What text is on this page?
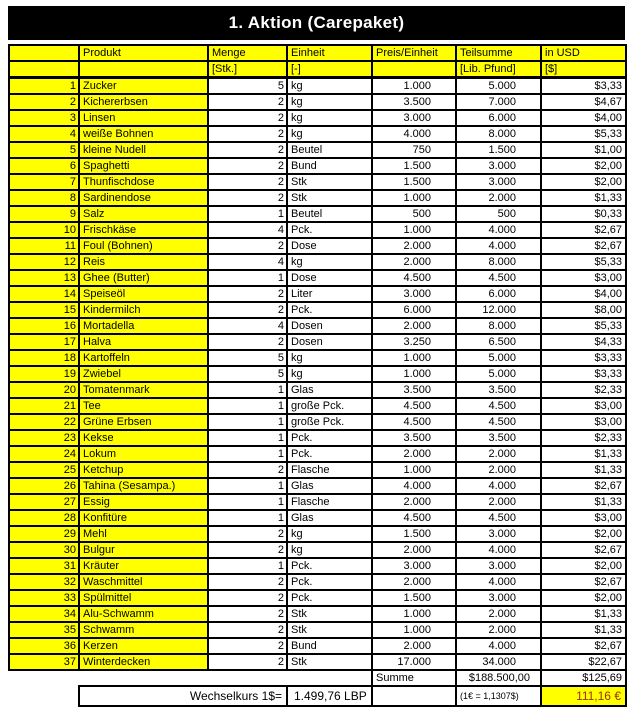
1. Aktion (Carepaket)
	Produkt	Menge	Einheit	Preis/Einheit	Teilsumme	in USD
		[Stk.]	[-]		[Lib. Pfund]	[$]
1	Zucker	5	kg	1.000	5.000	$3,33
2	Kichererbsen	2	kg	3.500	7.000	$4,67
3	Linsen	2	kg	3.000	6.000	$4,00
4	weiße Bohnen	2	kg	4.000	8.000	$5,33
5	kleine Nudell	2	Beutel	750	1.500	$1,00
6	Spaghetti	2	Bund	1.500	3.000	$2,00
7	Thunfischdose	2	Stk	1.500	3.000	$2,00
8	Sardinendose	2	Stk	1.000	2.000	$1,33
9	Salz	1	Beutel	500	500	$0,33
10	Frischkäse	4	Pck.	1.000	4.000	$2,67
11	Foul (Bohnen)	2	Dose	2.000	4.000	$2,67
12	Reis	4	kg	2.000	8.000	$5,33
13	Ghee (Butter)	1	Dose	4.500	4.500	$3,00
14	Speiseöl	2	Liter	3.000	6.000	$4,00
15	Kindermilch	2	Pck.	6.000	12.000	$8,00
16	Mortadella	4	Dosen	2.000	8.000	$5,33
17	Halva	2	Dosen	3.250	6.500	$4,33
18	Kartoffeln	5	kg	1.000	5.000	$3,33
19	Zwiebel	5	kg	1.000	5.000	$3,33
20	Tomatenmark	1	Glas	3.500	3.500	$2,33
21	Tee	1	große Pck.	4.500	4.500	$3,00
22	Grüne Erbsen	1	große Pck.	4.500	4.500	$3,00
23	Kekse	1	Pck.	3.500	3.500	$2,33
24	Lokum	1	Pck.	2.000	2.000	$1,33
25	Ketchup	2	Flasche	1.000	2.000	$1,33
26	Tahina (Sesampa.)	1	Glas	4.000	4.000	$2,67
27	Essig	1	Flasche	2.000	2.000	$1,33
28	Konfitüre	1	Glas	4.500	4.500	$3,00
29	Mehl	2	kg	1.500	3.000	$2,00
30	Bulgur	2	kg	2.000	4.000	$2,67
31	Kräuter	1	Pck.	3.000	3.000	$2,00
32	Waschmittel	2	Pck.	2.000	4.000	$2,67
33	Spülmittel	2	Pck.	1.500	3.000	$2,00
34	Alu-Schwamm	2	Stk	1.000	2.000	$1,33
35	Schwamm	2	Stk	1.000	2.000	$1,33
36	Kerzen	2	Bund	2.000	4.000	$2,67
37	Winterdecken	2	Stk	17.000	34.000	$22,67
				Summe	$188.500,00	$125,69
	Wechselkurs 1$=		1.499,76 LBP		(1€ = 1,1307$)	111,16 €
